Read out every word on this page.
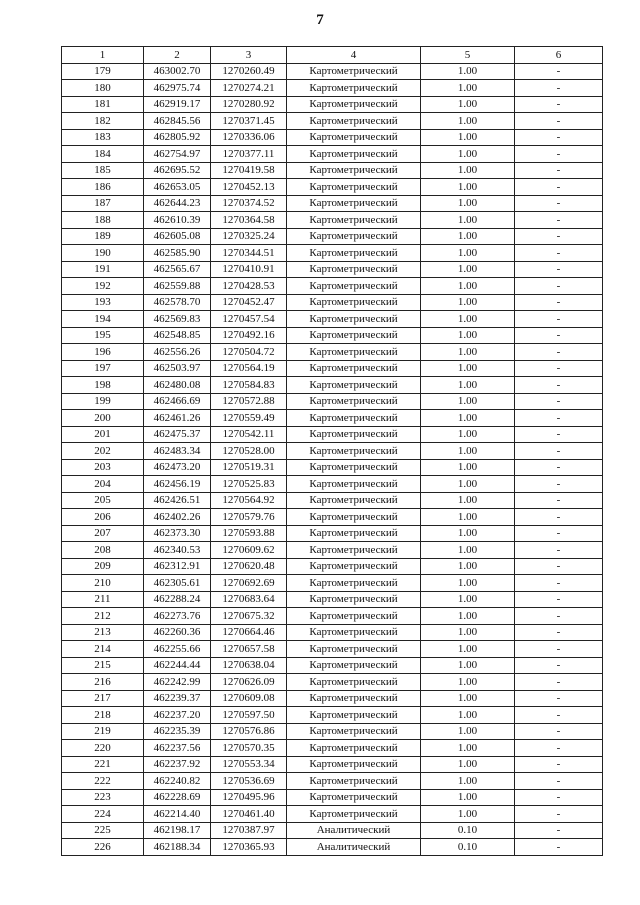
7
1	2	3	4	5	6
179	463002.70	1270260.49	Картометрический	1.00	-
180	462975.74	1270274.21	Картометрический	1.00	-
181	462919.17	1270280.92	Картометрический	1.00	-
182	462845.56	1270371.45	Картометрический	1.00	-
183	462805.92	1270336.06	Картометрический	1.00	-
184	462754.97	1270377.11	Картометрический	1.00	-
185	462695.52	1270419.58	Картометрический	1.00	-
186	462653.05	1270452.13	Картометрический	1.00	-
187	462644.23	1270374.52	Картометрический	1.00	-
188	462610.39	1270364.58	Картометрический	1.00	-
189	462605.08	1270325.24	Картометрический	1.00	-
190	462585.90	1270344.51	Картометрический	1.00	-
191	462565.67	1270410.91	Картометрический	1.00	-
192	462559.88	1270428.53	Картометрический	1.00	-
193	462578.70	1270452.47	Картометрический	1.00	-
194	462569.83	1270457.54	Картометрический	1.00	-
195	462548.85	1270492.16	Картометрический	1.00	-
196	462556.26	1270504.72	Картометрический	1.00	-
197	462503.97	1270564.19	Картометрический	1.00	-
198	462480.08	1270584.83	Картометрический	1.00	-
199	462466.69	1270572.88	Картометрический	1.00	-
200	462461.26	1270559.49	Картометрический	1.00	-
201	462475.37	1270542.11	Картометрический	1.00	-
202	462483.34	1270528.00	Картометрический	1.00	-
203	462473.20	1270519.31	Картометрический	1.00	-
204	462456.19	1270525.83	Картометрический	1.00	-
205	462426.51	1270564.92	Картометрический	1.00	-
206	462402.26	1270579.76	Картометрический	1.00	-
207	462373.30	1270593.88	Картометрический	1.00	-
208	462340.53	1270609.62	Картометрический	1.00	-
209	462312.91	1270620.48	Картометрический	1.00	-
210	462305.61	1270692.69	Картометрический	1.00	-
211	462288.24	1270683.64	Картометрический	1.00	-
212	462273.76	1270675.32	Картометрический	1.00	-
213	462260.36	1270664.46	Картометрический	1.00	-
214	462255.66	1270657.58	Картометрический	1.00	-
215	462244.44	1270638.04	Картометрический	1.00	-
216	462242.99	1270626.09	Картометрический	1.00	-
217	462239.37	1270609.08	Картометрический	1.00	-
218	462237.20	1270597.50	Картометрический	1.00	-
219	462235.39	1270576.86	Картометрический	1.00	-
220	462237.56	1270570.35	Картометрический	1.00	-
221	462237.92	1270553.34	Картометрический	1.00	-
222	462240.82	1270536.69	Картометрический	1.00	-
223	462228.69	1270495.96	Картометрический	1.00	-
224	462214.40	1270461.40	Картометрический	1.00	-
225	462198.17	1270387.97	Аналитический	0.10	-
226	462188.34	1270365.93	Аналитический	0.10	-
